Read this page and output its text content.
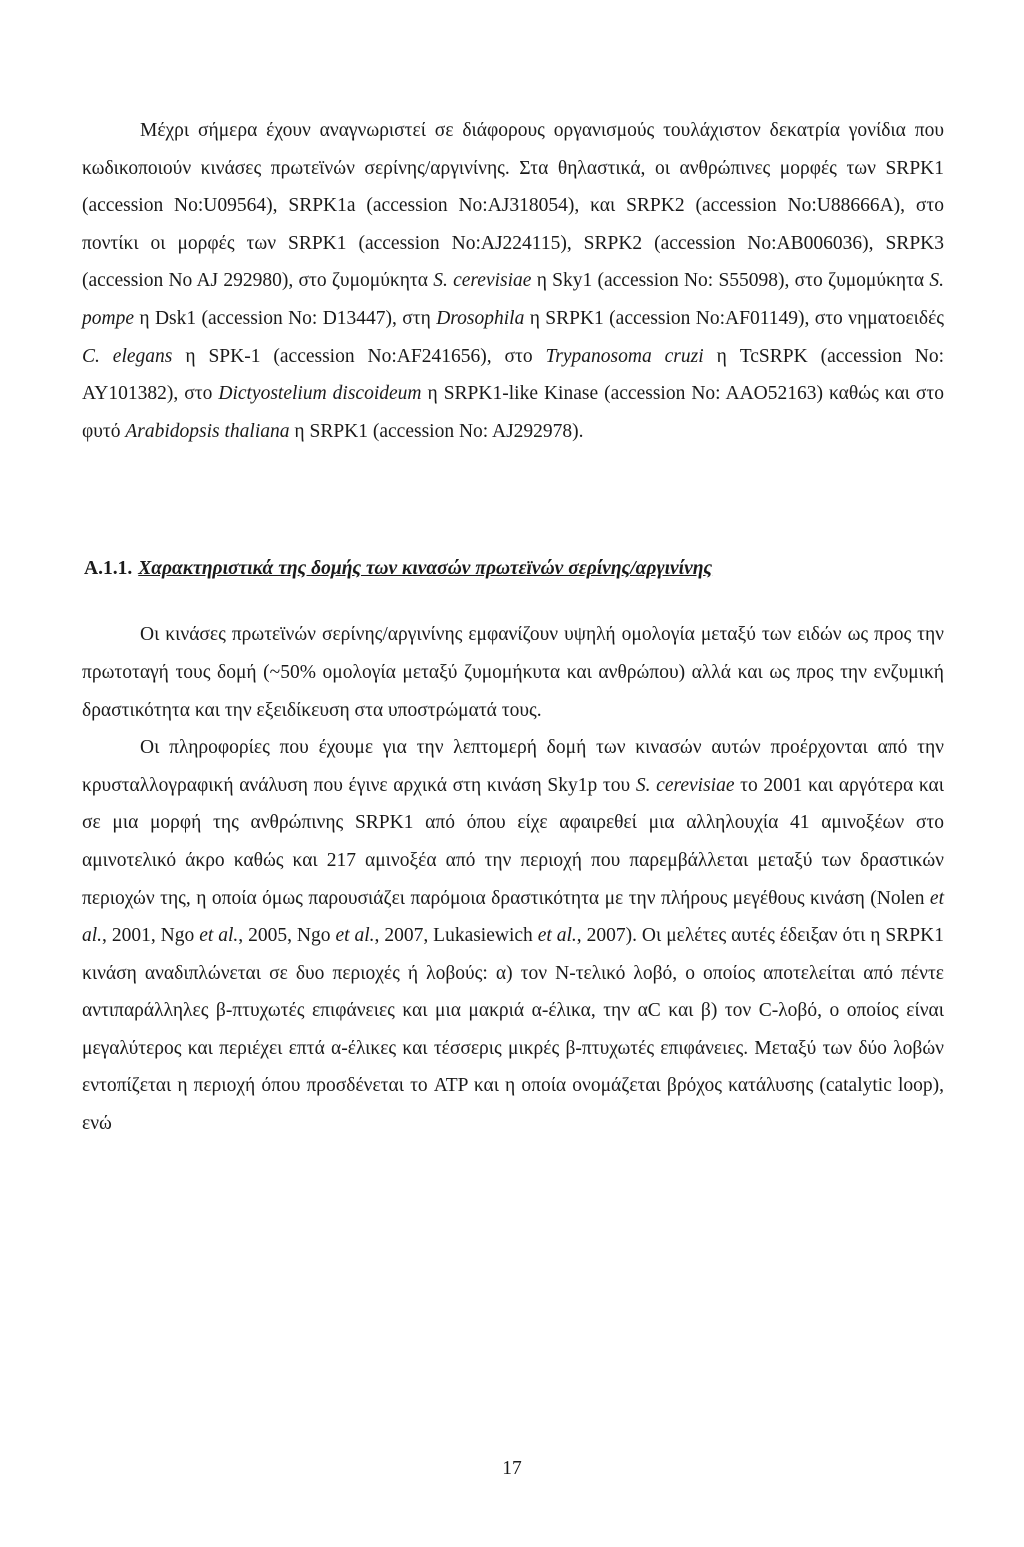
Μέχρι σήμερα έχουν αναγνωριστεί σε διάφορους οργανισμούς τουλάχιστον δεκατρία γονίδια που κωδικοποιούν κινάσες πρωτεϊνών σερίνης/αργινίνης. Στα θηλαστικά, οι ανθρώπινες μορφές των SRPK1 (accession No:U09564), SRPK1a (accession No:AJ318054), και SRPK2 (accession No:U88666A), στο ποντίκι οι μορφές των SRPK1 (accession No:AJ224115), SRPK2 (accession No:AB006036), SRPK3 (accession No AJ 292980), στο ζυμομύκητα S. cerevisiae η Sky1 (accession No: S55098), στο ζυμομύκητα S. pompe η Dsk1 (accession No: D13447), στη Drosophila η SRPK1 (accession No:AF01149), στο νηματοειδές C. elegans η SPK-1 (accession No:AF241656), στο Trypanosoma cruzi η TcSRPK (accession No: AY101382), στο Dictyostelium discoideum η SRPK1-like Kinase (accession No: AAO52163) καθώς και στο φυτό Arabidopsis thaliana η SRPK1 (accession No: AJ292978).

A.1.1. Χαρακτηριστικά της δομής των κινασών πρωτεϊνών σερίνης/αργινίνης

Οι κινάσες πρωτεϊνών σερίνης/αργινίνης εμφανίζουν υψηλή ομολογία μεταξύ των ειδών ως προς την πρωτοταγή τους δομή (~50% ομολογία μεταξύ ζυμομήκυτα και ανθρώπου) αλλά και ως προς την ενζυμική δραστικότητα και την εξειδίκευση στα υποστρώματά τους.

Οι πληροφορίες που έχουμε για την λεπτομερή δομή των κινασών αυτών προέρχονται από την κρυσταλλογραφική ανάλυση που έγινε αρχικά στη κινάση Sky1p του S. cerevisiae το 2001 και αργότερα και σε μια μορφή της ανθρώπινης SRPK1 από όπου είχε αφαιρεθεί μια αλληλουχία 41 αμινοξέων στο αμινοτελικό άκρο καθώς και 217 αμινοξέα από την περιοχή που παρεμβάλλεται μεταξύ των δραστικών περιοχών της, η οποία όμως παρουσιάζει παρόμοια δραστικότητα με την πλήρους μεγέθους κινάση (Nolen et al., 2001, Ngo et al., 2005, Ngo et al., 2007, Lukasiewich et al., 2007). Οι μελέτες αυτές έδειξαν ότι η SRPK1 κινάση αναδιπλώνεται σε δυο περιοχές ή λοβούς: α) τον Ν-τελικό λοβό, ο οποίος αποτελείται από πέντε αντιπαράλληλες β-πτυχωτές επιφάνειες και μια μακριά α-έλικα, την αC και β) τον C-λοβό, ο οποίος είναι μεγαλύτερος και περιέχει επτά α-έλικες και τέσσερις μικρές β-πτυχωτές επιφάνειες. Μεταξύ των δύο λοβών εντοπίζεται η περιοχή όπου προσδένεται το ATP και η οποία ονομάζεται βρόχος κατάλυσης (catalytic loop), ενώ

17
